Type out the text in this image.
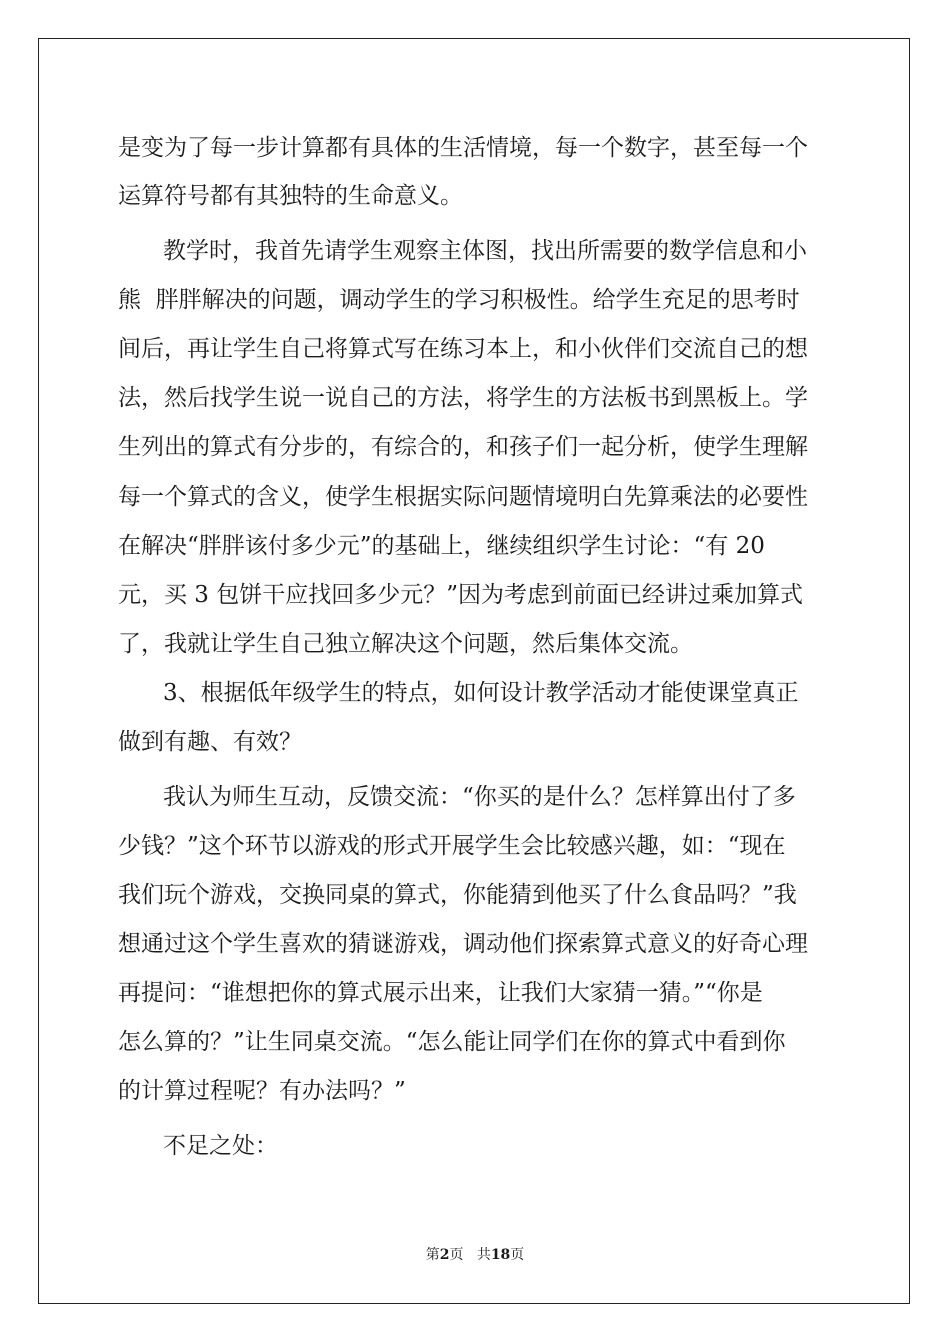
是变为了每一步计算都有具体的生活情境，每一个数字，甚至每一个
运算符号都有其独特的生命意义。
教学时，我首先请学生观察主体图，找出所需要的数学信息和小
熊  胖胖解决的问题，调动学生的学习积极性。给学生充足的思考时
间后，再让学生自己将算式写在练习本上，和小伙伴们交流自己的想
法，然后找学生说一说自己的方法，将学生的方法板书到黑板上。学
生列出的算式有分步的，有综合的，和孩子们一起分析，使学生理解
每一个算式的含义，使学生根据实际问题情境明白先算乘法的必要性
在解决“胖胖该付多少元”的基础上，继续组织学生讨论：“有 20
元，买 3 包饼干应找回多少元？”因为考虑到前面已经讲过乘加算式
了，我就让学生自己独立解决这个问题，然后集体交流。
3、根据低年级学生的特点，如何设计教学活动才能使课堂真正
做到有趣、有效？
我认为师生互动，反馈交流：“你买的是什么？怎样算出付了多
少钱？”这个环节以游戏的形式开展学生会比较感兴趣，如：“现在
我们玩个游戏，交换同桌的算式，你能猜到他买了什么食品吗？”我
想通过这个学生喜欢的猜谜游戏，调动他们探索算式意义的好奇心理
再提问：“谁想把你的算式展示出来，让我们大家猜一猜。”“你是
怎么算的？”让生同桌交流。“怎么能让同学们在你的算式中看到你
的计算过程呢？有办法吗？”
不足之处：
第2页 共18页
